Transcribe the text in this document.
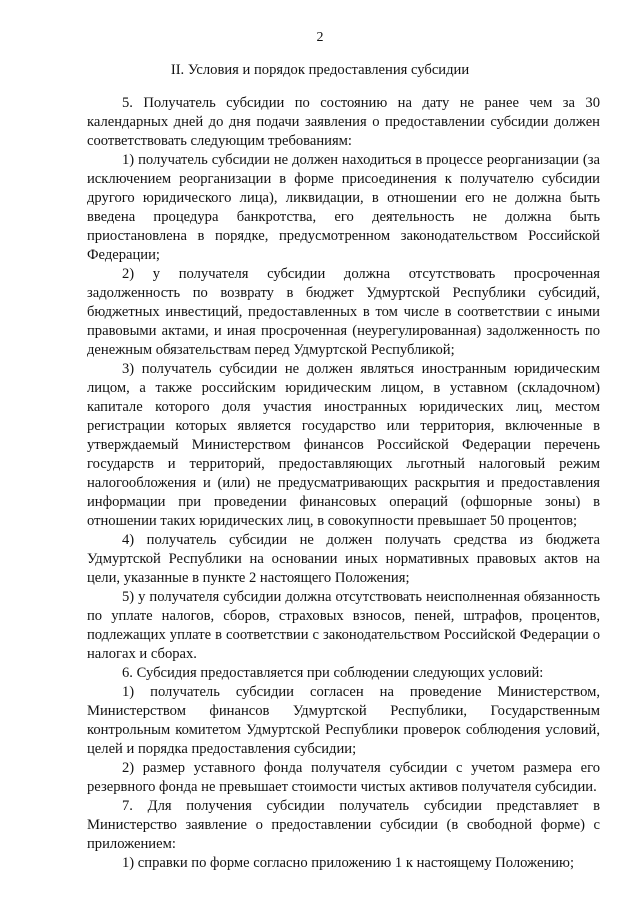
2
II. Условия и порядок предоставления субсидии

5. Получатель субсидии по состоянию на дату не ранее чем за 30 календарных дней до дня подачи заявления о предоставлении субсидии должен соответствовать следующим требованиям:

1) получатель субсидии не должен находиться в процессе реорганизации (за исключением реорганизации в форме присоединения к получателю субсидии другого юридического лица), ликвидации, в отношении его не должна быть введена процедура банкротства, его деятельность не должна быть приостановлена в порядке, предусмотренном законодательством Российской Федерации;

2) у получателя субсидии должна отсутствовать просроченная задолженность по возврату в бюджет Удмуртской Республики субсидий, бюджетных инвестиций, предоставленных в том числе в соответствии с иными правовыми актами, и иная просроченная (неурегулированная) задолженность по денежным обязательствам перед Удмуртской Республикой;

3) получатель субсидии не должен являться иностранным юридическим лицом, а также российским юридическим лицом, в уставном (складочном) капитале которого доля участия иностранных юридических лиц, местом регистрации которых является государство или территория, включенные в утверждаемый Министерством финансов Российской Федерации перечень государств и территорий, предоставляющих льготный налоговый режим налогообложения и (или) не предусматривающих раскрытия и предоставления информации при проведении финансовых операций (офшорные зоны) в отношении таких юридических лиц, в совокупности превышает 50 процентов;

4) получатель субсидии не должен получать средства из бюджета Удмуртской Республики на основании иных нормативных правовых актов на цели, указанные в пункте 2 настоящего Положения;

5) у получателя субсидии должна отсутствовать неисполненная обязанность по уплате налогов, сборов, страховых взносов, пеней, штрафов, процентов, подлежащих уплате в соответствии с законодательством Российской Федерации о налогах и сборах.

6. Субсидия предоставляется при соблюдении следующих условий:

1) получатель субсидии согласен на проведение Министерством, Министерством финансов Удмуртской Республики, Государственным контрольным комитетом Удмуртской Республики проверок соблюдения условий, целей и порядка предоставления субсидии;

2) размер уставного фонда получателя субсидии с учетом размера его резервного фонда не превышает стоимости чистых активов получателя субсидии.

7. Для получения субсидии получатель субсидии представляет в Министерство заявление о предоставлении субсидии (в свободной форме) с приложением:

1) справки по форме согласно приложению 1 к настоящему Положению;
